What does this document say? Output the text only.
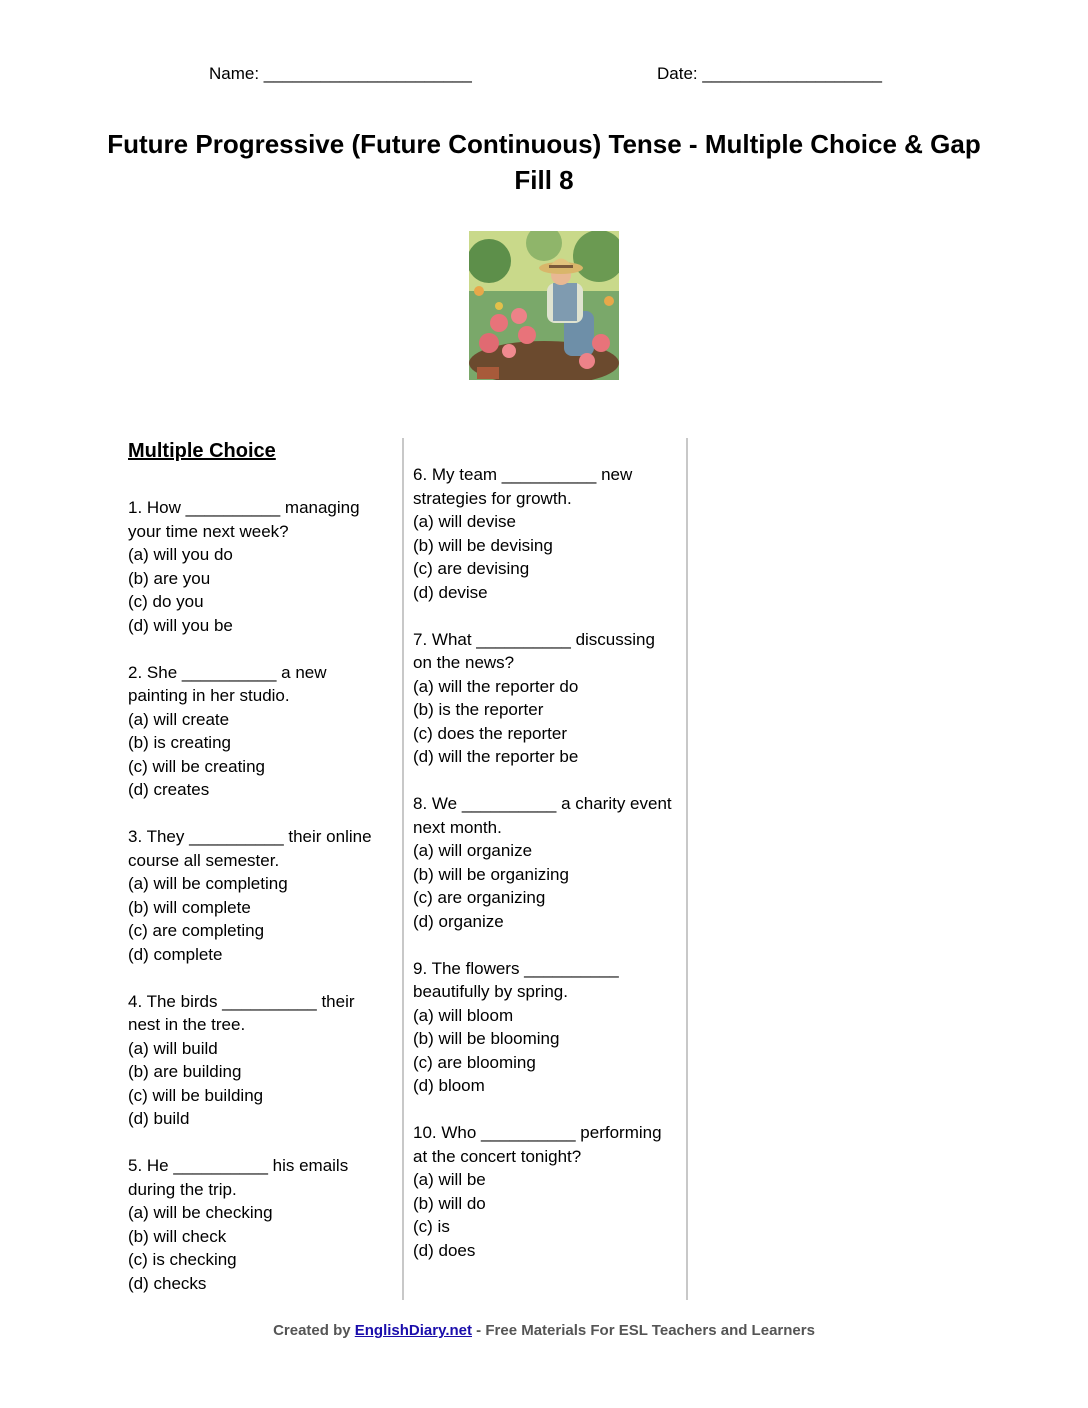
Name: ______________________	Date: ___________________
Future Progressive (Future Continuous) Tense - Multiple Choice & Gap Fill 8
Multiple Choice

1. How __________ managing

your time next week?

(a) will you do

(b) are you

(c) do you

(d) will you be

2. She __________ a new

painting in her studio.

(a) will create

(b) is creating

(c) will be creating

(d) creates

3. They __________ their online

course all semester.

(a) will be completing

(b) will complete

(c) are completing

(d) complete

4. The birds __________ their

nest in the tree.

(a) will build

(b) are building

(c) will be building

(d) build

5. He __________ his emails

during the trip.

(a) will be checking

(b) will check

(c) is checking

(d) checks

6. My team __________ new

strategies for growth.

(a) will devise

(b) will be devising

(c) are devising

(d) devise

7. What __________ discussing

on the news?

(a) will the reporter do

(b) is the reporter

(c) does the reporter

(d) will the reporter be

8. We __________ a charity event

next month.

(a) will organize

(b) will be organizing

(c) are organizing

(d) organize

9. The flowers __________

beautifully by spring.

(a) will bloom

(b) will be blooming

(c) are blooming

(d) bloom

10. Who __________ performing

at the concert tonight?

(a) will be

(b) will do

(c) is

(d) does

Created by EnglishDiary.net - Free Materials For ESL Teachers and Learners
